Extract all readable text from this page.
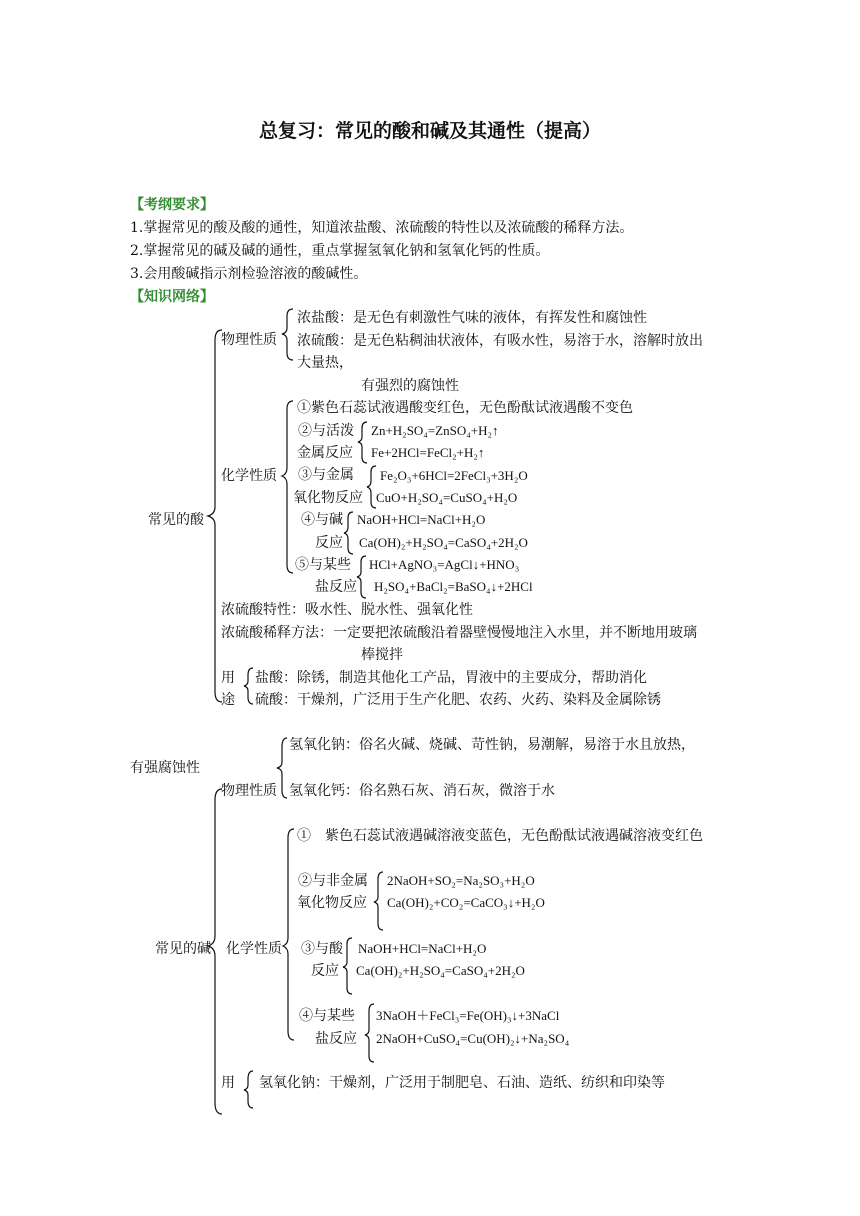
总复习：常见的酸和碱及其通性（提高）
【考纲要求】
1.掌握常见的酸及酸的通性，知道浓盐酸、浓硫酸的特性以及浓硫酸的稀释方法。
2.掌握常见的碱及碱的通性，重点掌握氢氧化钠和氢氧化钙的性质。
3.会用酸碱指示剂检验溶液的酸碱性。
【知识网络】
常见的酸
物理性质
浓盐酸：是无色有刺激性气味的液体，有挥发性和腐蚀性
浓硫酸：是无色粘稠油状液体，有吸水性，易溶于水，溶解时放出
大量热，
有强烈的腐蚀性
化学性质
①紫色石蕊试液遇酸变红色，无色酚酞试液遇酸不变色
②与活泼
金属反应
Zn+H₂SO₄=ZnSO₄+H₂↑
Fe+2HCl=FeCl₂+H₂↑
③与金属
氧化物反应
Fe₂O₃+6HCl=2FeCl₃+3H₂O
CuO+H₂SO₄=CuSO₄+H₂O
④与碱
反应
NaOH+HCl=NaCl+H₂O
Ca(OH)₂+H₂SO₄=CaSO₄+2H₂O
⑤与某些
盐反应
HCl+AgNO₃=AgCl↓+HNO₃
H₂SO₄+BaCl₂=BaSO₄↓+2HCl
浓硫酸特性：吸水性、脱水性、强氧化性
浓硫酸稀释方法：一定要把浓硫酸沿着器壁慢慢地注入水里，并不断地用玻璃
棒搅拌
用
途
盐酸：除锈，制造其他化工产品，胃液中的主要成分，帮助消化
硫酸：干燥剂，广泛用于生产化肥、农药、火药、染料及金属除锈
有强腐蚀性
常见的碱
物理性质
氢氧化钠：俗名火碱、烧碱、苛性钠，易潮解，易溶于水且放热，
氢氧化钙：俗名熟石灰、消石灰，微溶于水
化学性质
①　紫色石蕊试液遇碱溶液变蓝色，无色酚酞试液遇碱溶液变红色
②与非金属
氧化物反应
2NaOH+SO₂=Na₂SO₃+H₂O
Ca(OH)₂+CO₂=CaCO₃↓+H₂O
③与酸
反应
NaOH+HCl=NaCl+H₂O
Ca(OH)₂+H₂SO₄=CaSO₄+2H₂O
④与某些
盐反应
3NaOH＋FeCl₃=Fe(OH)₃↓+3NaCl
2NaOH+CuSO₄=Cu(OH)₂↓+Na₂SO₄
用 氢氧化钠：干燥剂，广泛用于制肥皂、石油、造纸、纺织和印染等
